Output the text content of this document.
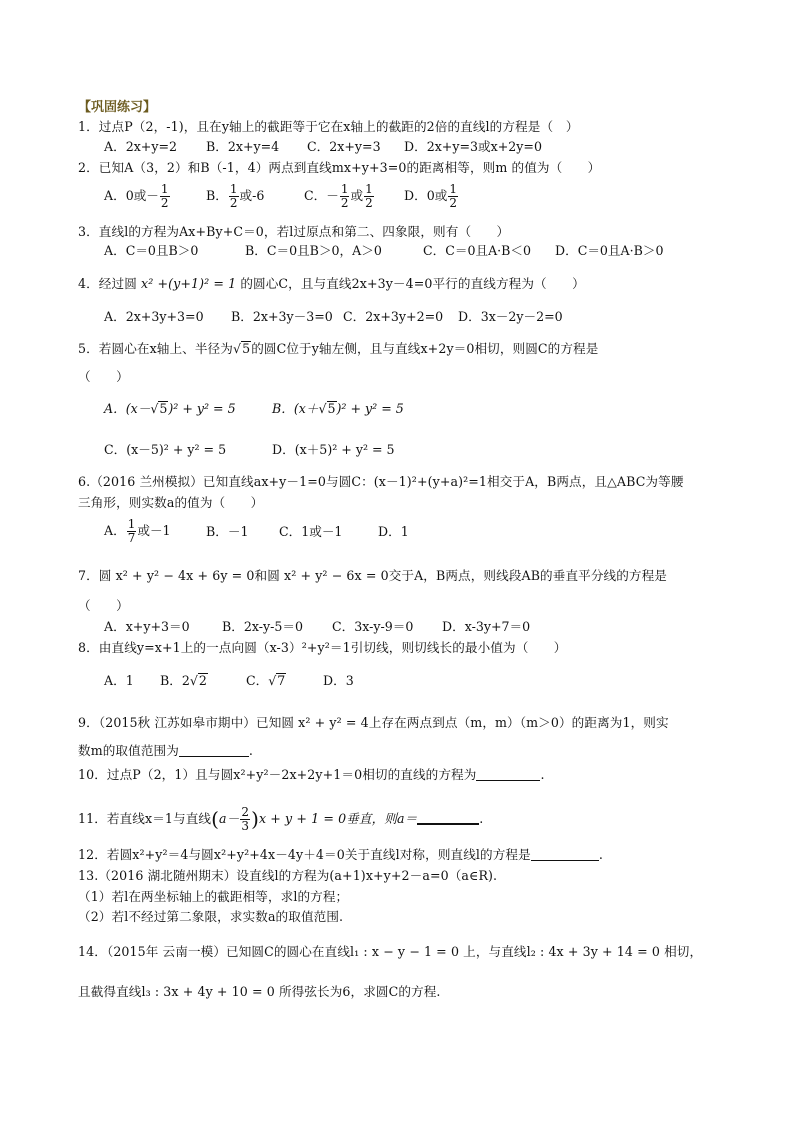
【巩固练习】
1．过点P（2，-1)，且在y轴上的截距等于它在x轴上的截距的2倍的直线l的方程是（　）
A．2x+y=2 B．2x+y=4 C．2x+y=3 D．2x+y=3或x+2y=0
2．已知A（3，2）和B（-1，4）两点到直线mx+y+3=0的距离相等，则m 的值为（　　）
A．0或－ $\frac{1}{2}$	B． $\frac{1}{2}$ 或-6	C．－ $\frac{1}{2}$ 或 $\frac{1}{2}$ D．0或 $\frac{1}{2}$
3．直线l的方程为Ax+By+C＝0，若l过原点和第二、四象限，则有（　　）
A．C＝0且B＞0	B．C＝0且B＞0，A＞0	C．C＝0且A·B＜0 D．C＝0且A·B＞0
4．经过圆 x² +(y+1)² = 1 的圆心C，且与直线2x+3y－4=0平行的直线方程为（　　）
A．2x+3y+3=0 B．2x+3y－3=0 C．2x+3y+2=0 D．3x－2y－2=0
5．若圆心在x轴上、半径为√5的圆C位于y轴左侧，且与直线x+2y＝0相切，则圆C的方程是
（　　）
A．(x－√5)² + y² = 5	B．(x＋√5)² + y² = 5
C．(x－5)² + y² = 5	D．(x＋5)² + y² = 5
6.（2016 兰州模拟）已知直线ax+y－1=0与圆C：(x－1)²+(y+a)²=1相交于A，B两点，且△ABC为等腰
三角形，则实数a的值为（　　）
A． $\frac{1}{7}$ 或－1	B．－1 C．1或－1	D．1
7．圆 x² + y² − 4x + 6y = 0和圆 x² + y² − 6x = 0交于A，B两点，则线段AB的垂直平分线的方程是
（　　）
A．x+y+3＝0	B．2x-y-5＝0 C．3x-y-9＝0 D．x-3y+7＝0
8．由直线y=x+1上的一点向圆（x-3）²+y²＝1引切线，则切线长的最小值为（　　）
A．1 B．2√2	C．√7	D．3
9．（2015秋 江苏如皋市期中）已知圆 x² + y² = 4上存在两点到点（m，m）（m＞0）的距离为1，则实
数m的取值范围为	.
10．过点P（2，1）且与圆x²+y²－2x+2y+1＝0相切的直线的方程为	.
11．若直线x＝1与直线$(a- \frac{2}{3} )x + y + 1 = 0$垂直，则a＝	.
12．若圆x²+y²＝4与圆x²+y²+4x－4y＋4＝0关于直线l对称，则直线l的方程是	.
13.（2016 湖北随州期末）设直线l的方程为(a+1)x+y+2－a=0（a∈R).
（1）若l在两坐标轴上的截距相等，求l的方程；
（2）若l不经过第二象限，求实数a的取值范围.
14．（2015年 云南一模）已知圆C的圆心在直线l₁ : x − y − 1 = 0 上，与直线l₂ : 4x + 3y + 14 = 0 相切，
且截得直线l₃ : 3x + 4y + 10 = 0 所得弦长为6，求圆C的方程.
